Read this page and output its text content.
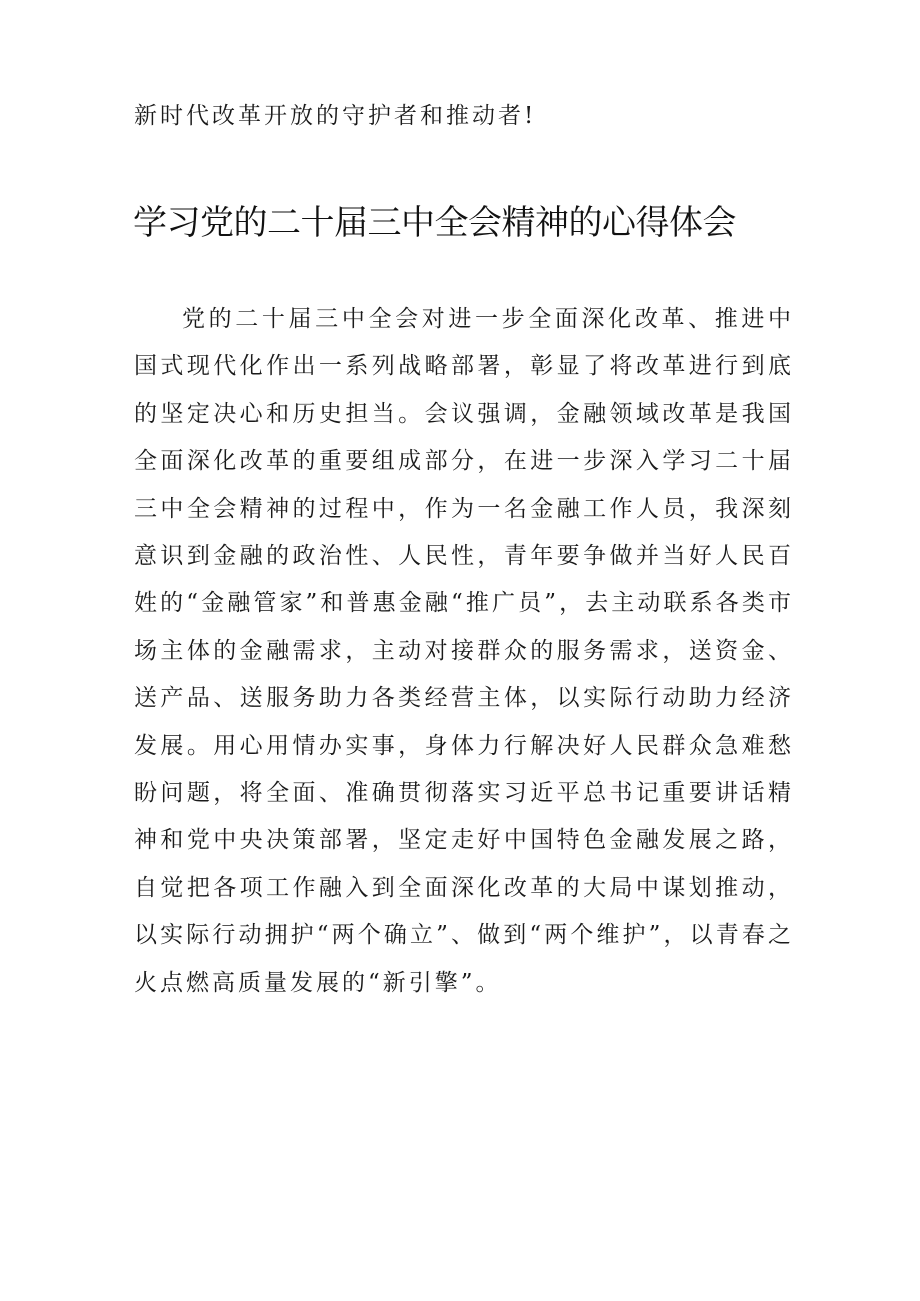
新时代改革开放的守护者和推动者!
学习党的二十届三中全会精神的心得体会

党的二十届三中全会对进一步全面深化改革、推进中国式现代化作出一系列战略部署，彰显了将改革进行到底的坚定决心和历史担当。会议强调，金融领域改革是我国全面深化改革的重要组成部分，在进一步深入学习二十届三中全会精神的过程中，作为一名金融工作人员，我深刻意识到金融的政治性、人民性，青年要争做并当好人民百姓的“金融管家”和普惠金融“推广员”，去主动联系各类市场主体的金融需求，主动对接群众的服务需求，送资金、送产品、送服务助力各类经营主体，以实际行动助力经济发展。用心用情办实事，身体力行解决好人民群众急难愁盼问题，将全面、准确贯彻落实习近平总书记重要讲话精神和党中央决策部署，坚定走好中国特色金融发展之路，自觉把各项工作融入到全面深化改革的大局中谋划推动，以实际行动拥护“两个确立”、做到“两个维护”，以青春之火点燃高质量发展的“新引擎”。
